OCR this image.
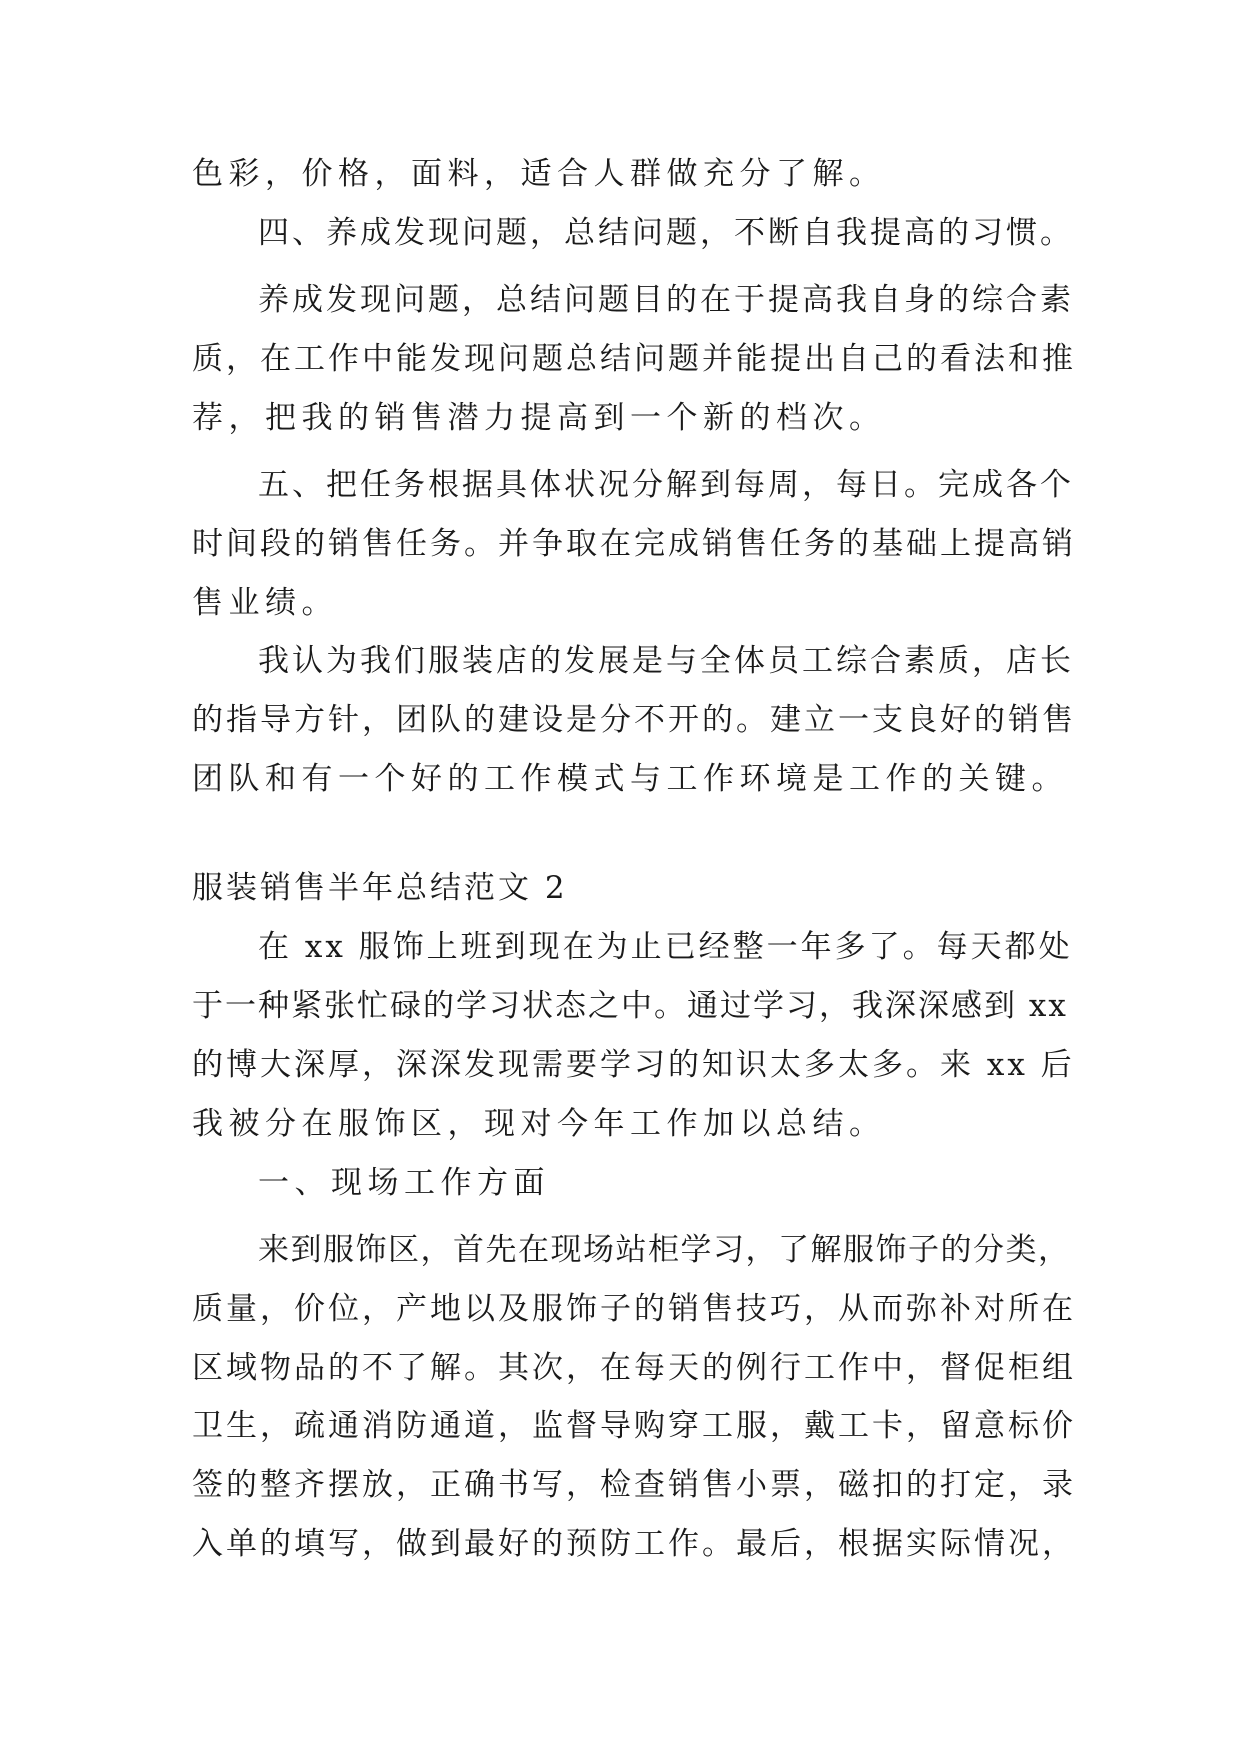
色彩，价格，面料，适合人群做充分了解。
四、养成发现问题，总结问题，不断自我提高的习惯。
养成发现问题，总结问题目的在于提高我自身的综合素
质，在工作中能发现问题总结问题并能提出自己的看法和推
荐，把我的销售潜力提高到一个新的档次。
五、把任务根据具体状况分解到每周，每日。完成各个
时间段的销售任务。并争取在完成销售任务的基础上提高销
售业绩。
我认为我们服装店的发展是与全体员工综合素质，店长
的指导方针，团队的建设是分不开的。建立一支良好的销售
团队和有一个好的工作模式与工作环境是工作的关键。
服装销售半年总结范文 2
在 xx 服饰上班到现在为止已经整一年多了。每天都处
于一种紧张忙碌的学习状态之中。通过学习，我深深感到 xx
的博大深厚，深深发现需要学习的知识太多太多。来 xx 后
我被分在服饰区，现对今年工作加以总结。
一、现场工作方面
来到服饰区，首先在现场站柜学习，了解服饰子的分类，
质量，价位，产地以及服饰子的销售技巧，从而弥补对所在
区域物品的不了解。其次，在每天的例行工作中，督促柜组
卫生，疏通消防通道，监督导购穿工服，戴工卡，留意标价
签的整齐摆放，正确书写，检查销售小票，磁扣的打定，录
入单的填写，做到最好的预防工作。最后，根据实际情况，
